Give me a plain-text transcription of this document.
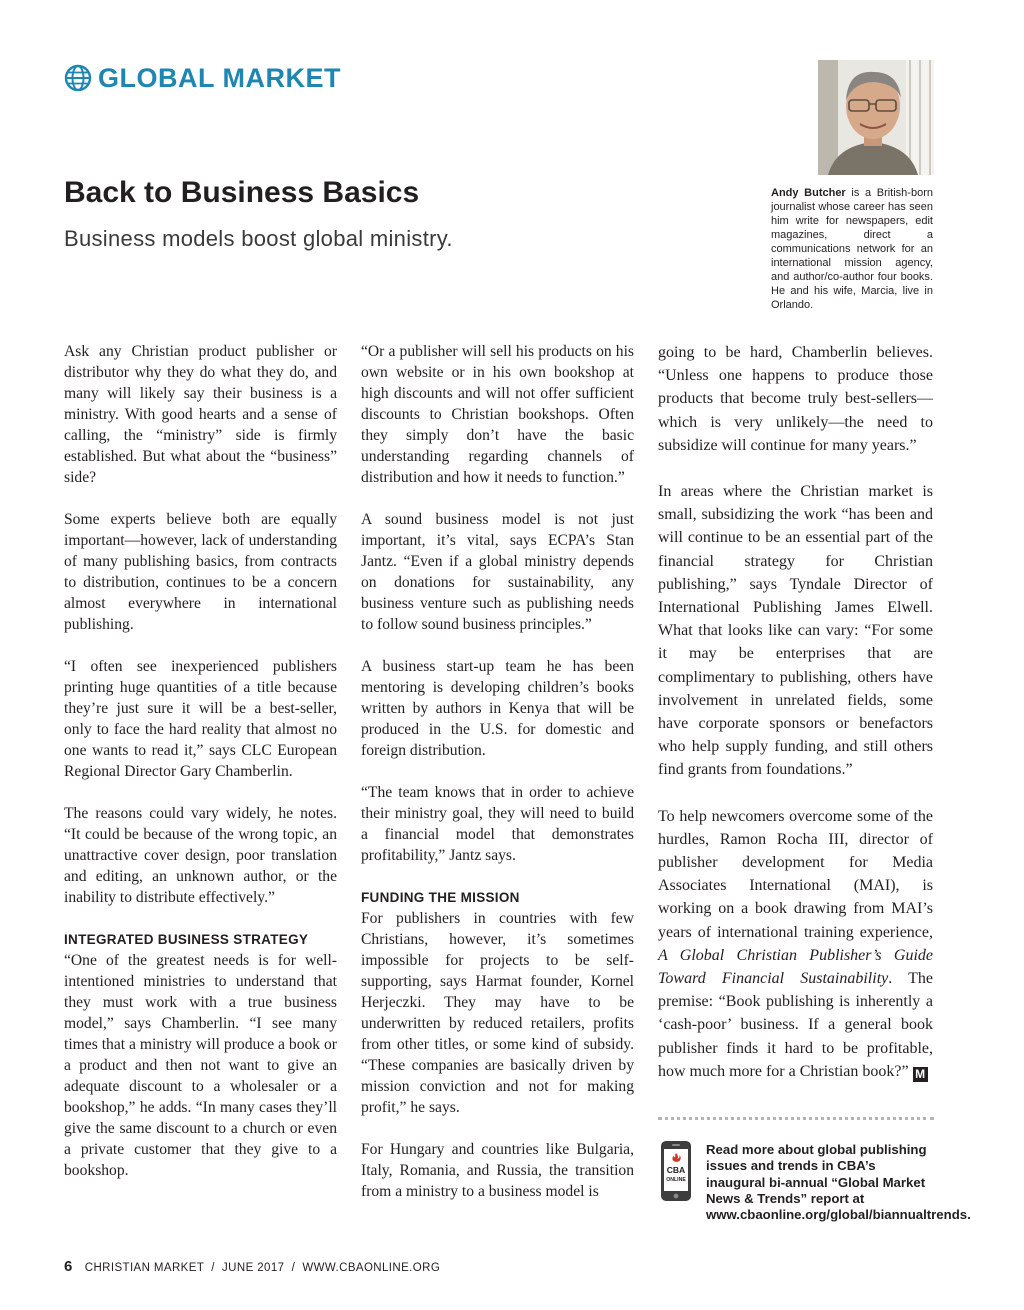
GLOBAL MARKET
Back to Business Basics
Business models boost global ministry.
Andy Butcher is a British-born journalist whose career has seen him write for newspapers, edit magazines, direct a communications network for an international mission agency, and author/co-author four books. He and his wife, Marcia, live in Orlando.

Ask any Christian product publisher or distributor why they do what they do, and many will likely say their business is a ministry. With good hearts and a sense of calling, the “ministry” side is firmly established. But what about the “business” side?

Some experts believe both are equally important—however, lack of understanding of many publishing basics, from contracts to distribution, continues to be a concern almost everywhere in international publishing.

“I often see inexperienced publishers printing huge quantities of a title because they’re just sure it will be a best-seller, only to face the hard reality that almost no one wants to read it,” says CLC European Regional Director Gary Chamberlin.

The reasons could vary widely, he notes. “It could be because of the wrong topic, an unattractive cover design, poor translation and editing, an unknown author, or the inability to distribute effectively.”

INTEGRATED BUSINESS STRATEGY

“One of the greatest needs is for well-intentioned ministries to understand that they must work with a true business model,” says Chamberlin. “I see many times that a ministry will produce a book or a product and then not want to give an adequate discount to a wholesaler or a bookshop,” he adds. “In many cases they’ll give the same discount to a church or even a private customer that they give to a bookshop.

“Or a publisher will sell his products on his own website or in his own bookshop at high discounts and will not offer sufficient discounts to Christian bookshops. Often they simply don’t have the basic understanding regarding channels of distribution and how it needs to function.”

A sound business model is not just important, it’s vital, says ECPA’s Stan Jantz. “Even if a global ministry depends on donations for sustainability, any business venture such as publishing needs to follow sound business principles.”

A business start-up team he has been mentoring is developing children’s books written by authors in Kenya that will be produced in the U.S. for domestic and foreign distribution.

“The team knows that in order to achieve their ministry goal, they will need to build a financial model that demonstrates profitability,” Jantz says.

FUNDING THE MISSION

For publishers in countries with few Christians, however, it’s sometimes impossible for projects to be self-supporting, says Harmat founder, Kornel Herjeczki. They may have to be underwritten by reduced retailers, profits from other titles, or some kind of subsidy. “These companies are basically driven by mission conviction and not for making profit,” he says.

For Hungary and countries like Bulgaria, Italy, Romania, and Russia, the transition from a ministry to a business model is

going to be hard, Chamberlin believes. “Unless one happens to produce those products that become truly best-sellers—which is very unlikely—the need to subsidize will continue for many years.”

In areas where the Christian market is small, subsidizing the work “has been and will continue to be an essential part of the financial strategy for Christian publishing,” says Tyndale Director of International Publishing James Elwell. What that looks like can vary: “For some it may be enterprises that are complimentary to publishing, others have involvement in unrelated fields, some have corporate sponsors or benefactors who help supply funding, and still others find grants from foundations.”

To help newcomers overcome some of the hurdles, Ramon Rocha III, director of publisher development for Media Associates International (MAI), is working on a book drawing from MAI’s years of international training experience, A Global Christian Publisher’s Guide Toward Financial Sustainability. The premise: “Book publishing is inherently a ‘cash-poor’ business. If a general book publisher finds it hard to be profitable, how much more for a Christian book?” M

CBA
ONLINE
Read more about global publishing issues and trends in CBA’s inaugural bi-annual “Global Market News & Trends” report at www.cbaonline.org/global/biannualtrends.
6 CHRISTIAN MARKET  /  JUNE 2017  /  WWW.CBAONLINE.ORG
